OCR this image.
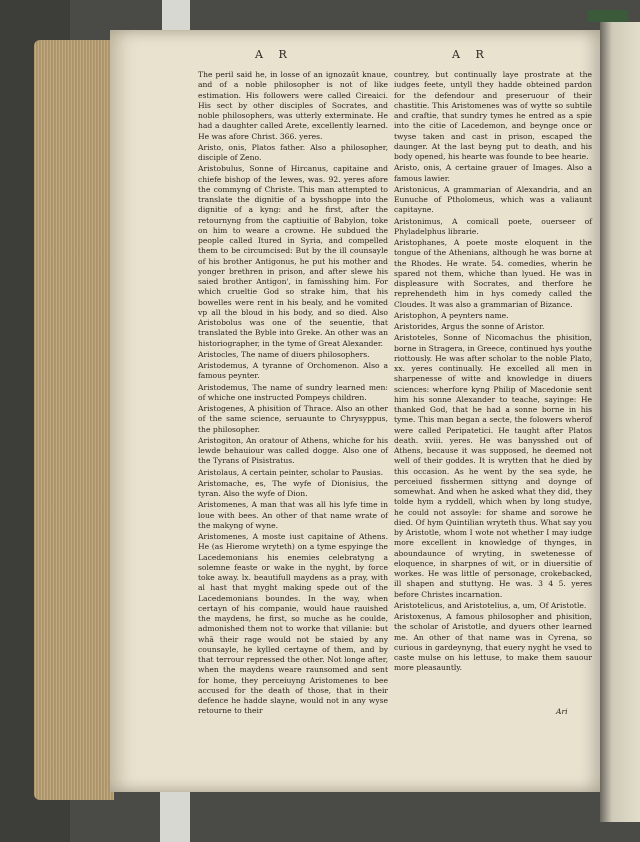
A R	A R

The peril said he, in losse of an ignozaūt knaue, and of a noble philosopher is not of like estimation. His followers were called Cireaici. His sect by other disciples of Socrates, and noble philosophers, was utterly exterminate. He had a daughter called Arete, excellently learned. He was afore Christ. 366. yeres.

Aristo, onis, Platos father. Also a philosopher, disciple of Zeno.

Aristobulus, Sonne of Hircanus, capitaine and chiefe bishop of the Iewes, was. 92. yeres afore the commyng of Christe. This man attempted to translate the dignitie of a bysshoppe into the dignitie of a kyng: and he first, after the retournyng from the captiuitie of Babylon, toke on him to weare a crowne. He subdued the people called Itured in Syria, and compelled them to be circumcised: But by the ill counsayle of his brother Antigonus, he put his mother and yonger brethren in prison, and after slewe his saied brother Antigon', in famisshing him. For which crueltie God so strake him, that his bowelles were rent in his bealy, and he vomited vp all the bloud in his body, and so died. Also Aristobolus was one of the seuentie, that translated the Byble into Greke. An other was an historiographer, in the tyme of Great Alexander.

Aristocles, The name of diuers philosophers.

Aristodemus, A tyranne of Orchomenon. Also a famous peynter.

Aristodemus, The name of sundry learned men: of whiche one instructed Pompeys children.

Aristogenes, A phisition of Thrace. Also an other of the same science, seruaunte to Chrysyppus, the philosopher.

Aristogiton, An oratour of Athens, whiche for his lewde behauiour was called dogge. Also one of the Tyrans of Pisistratus.

Aristolaus, A certain peinter, scholar to Pausias.

Aristomache, es, The wyfe of Dionisius, the tyran. Also the wyfe of Dion.

Aristomenes, A man that was all his lyfe time in loue with bees. An other of that name wrate of the makyng of wyne.

Aristomenes, A moste iust capitaine of Athens. He (as Hierome wryteth) on a tyme espyinge the Lacedemonians his enemies celebratyng a solemne feaste or wake in the nyght, by force toke away. lx. beautifull maydens as a pray, with al hast that myght making spede out of the Lacedemonians boundes. In the way, when certayn of his companie, would haue rauished the maydens, he first, so muche as he coulde, admonished them not to worke that villanie: but whā their rage would not be staied by any counsayle, he kylled certayne of them, and by that terrour repressed the other. Not longe after, when the maydens weare raunsomed and sent for home, they perceiuyng Aristomenes to bee accused for the death of those, that in their defence he hadde slayne, would not in any wyse retourne to their

countrey, but continually laye prostrate at the iudges feete, untyll they hadde obteined pardon for the defendour and preseruour of their chastitie. This Aristomenes was of wytte so subtile and craftie, that sundry tymes he entred as a spie into the citie of Lacedemon, and beynge once or twyse taken and cast in prison, escaped the daunger. At the last beyng put to death, and his body opened, his hearte was founde to bee hearie.

Aristo, onis, A certaine grauer of Images. Also a famous lawier.

Aristonicus, A grammarian of Alexandria, and an Eunuche of Ptholomeus, which was a valiaunt capitayne.

Aristonimus, A comicall poete, ouerseer of Phyladelphus librarie.

Aristophanes, A poete moste eloquent in the tongue of the Athenians, although he was borne at the Rhodes. He wrate. 54. comedies, wherin he spared not them, whiche than lyued. He was in displeasure with Socrates, and therfore he reprehendeth him in hys comedy called the Cloudes. It was also a grammarian of Bizance.

Aristophon, A peynters name.

Aristorides, Argus the sonne of Aristor.

Aristoteles, Sonne of Nicomachus the phisition, borne in Stragera, in Greece, continued hys youthe riottously. He was after scholar to the noble Plato, xx. yeres continually. He excelled all men in sharpenesse of witte and knowledge in diuers sciences: wherfore kyng Philip of Macedonie sent him his sonne Alexander to teache, sayinge: He thanked God, that he had a sonne borne in his tyme. This man began a secte, the folowers wherof were called Peripatetici. He taught after Platos death. xviii. yeres. He was banysshed out of Athens, because it was supposed, he deemed not well of their goddes. It is wrytten that he died by this occasion. As he went by the sea syde, he perceiued fisshermen sittyng and doynge of somewhat. And when he asked what they did, they tolde hym a ryddell, which when by long studye, he could not assoyle: for shame and sorowe he died. Of hym Quintilian wryteth thus. What say you by Aristotle, whom I wote not whether I may iudge more excellent in knowledge of thynges, in aboundaunce of wryting, in swetenesse of eloquence, in sharpnes of wit, or in diuersitie of workes. He was little of personage, crokebacked, ill shapen and stuttyng. He was. 3 4 5. yeres before Christes incarnation.

Aristotelicus, and Aristotelius, a, um, Of Aristotle.

Aristoxenus, A famous philosopher and phisition, the scholar of Aristotle, and dyuers other learned me. An other of that name was in Cyrena, so curious in gardeynyng, that euery nyght he vsed to caste mulse on his lettuse, to make them sauour more pleasauntly.

Ari
